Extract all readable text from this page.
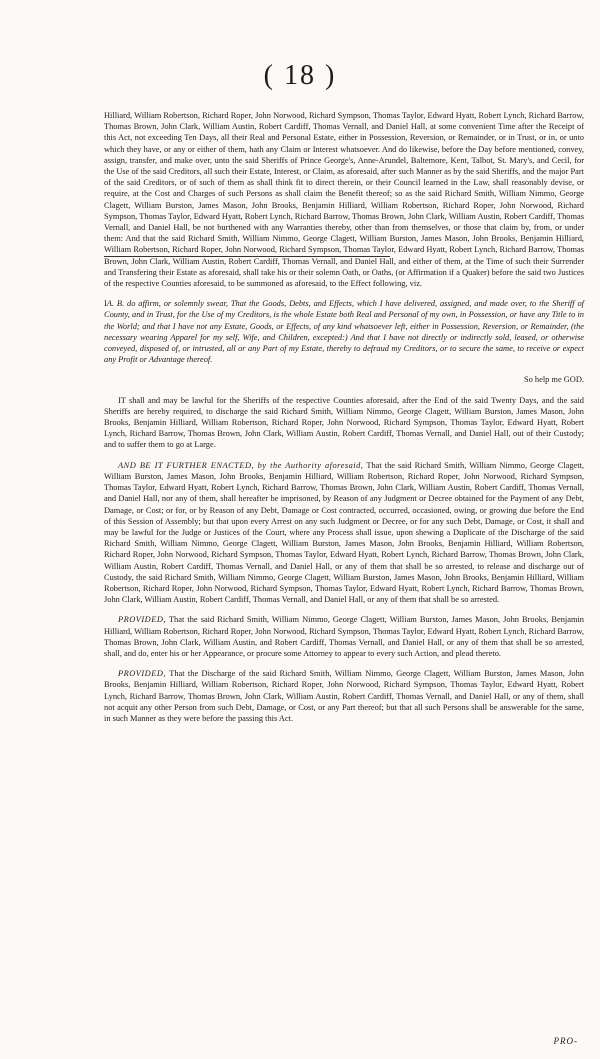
( 18 )

Hilliard, William Robertson, Richard Roper, John Norwood, Richard Sympson, Thomas Taylor, Edward Hyatt, Robert Lynch, Richard Barrow, Thomas Brown, John Clark, William Austin, Robert Cardiff, Thomas Vernall, and Daniel Hall, at some convenient Time after the Receipt of this Act, not exceeding Ten Days, all their Real and Personal Estate, either in Possession, Reversion, or Remainder, or in Trust, or in, or unto which they have, or any or either of them, hath any Claim or Interest whatsoever. And do likewise, before the Day before mentioned, convey, assign, transfer, and make over, unto the said Sheriffs of Prince George's, Anne-Arundel, Baltemore, Kent, Talbot, St. Mary's, and Cecil, for the Use of the said Creditors, all such their Estate, Interest, or Claim, as aforesaid, after such Manner as by the said Sheriffs, and the major Part of the said Creditors, or of such of them as shall think fit to direct therein, or their Council learned in the Law, shall reasonably devise, or require, at the Cost and Charges of such Persons as shall claim the Benefit thereof; so as the said Richard Smith, William Nimmo, George Clagett, William Burston, James Mason, John Brooks, Benjamin Hilliard, William Robertson, Richard Roper, John Norwood, Richard Sympson, Thomas Taylor, Edward Hyatt, Robert Lynch, Richard Barrow, Thomas Brown, John Clark, William Austin, Robert Cardiff, Thomas Vernall, and Daniel Hall, be not burthened with any Warranties thereby, other than from themselves, or those that claim by, from, or under them: And that the said Richard Smith, William Nimmo, George Clagett, William Burston, James Mason, John Brooks, Benjamin Hilliard, William Robertson, Richard Roper, John Norwood, Richard Sympson, Thomas Taylor, Edward Hyatt, Robert Lynch, Richard Barrow, Thomas Brown, John Clark, William Austin, Robert Cardiff, Thomas Vernall, and Daniel Hall, and either of them, at the Time of such their Surrender and Transfering their Estate as aforesaid, shall take his or their solemn Oath, or Oaths, (or Affirmation if a Quaker) before the said two Justices of the respective Counties aforesaid, to be summoned as aforesaid, to the Effect following, viz.

IA. B. do affirm, or solemnly swear, That the Goods, Debts, and Effects, which I have delivered, assigned, and made over, to the Sheriff of County, and in Trust, for the Use of my Creditors, is the whole Estate both Real and Personal of my own, in Possession, or have any Title to in the World; and that I have not any Estate, Goods, or Effects, of any kind whatsoever left, either in Possession, Reversion, or Remainder, (the necessary wearing Apparel for my self, Wife, and Children, excepted:) And that I have not directly or indirectly sold, leased, or otherwise conveyed, disposed of, or intrusted, all or any Part of my Estate, thereby to defraud my Creditors, or to secure the same, to receive or expect any Profit or Advantage thereof.

So help me GOD.

IT shall and may be lawful for the Sheriffs of the respective Counties aforesaid, after the End of the said Twenty Days, and the said Sheriffs are hereby required, to discharge the said Richard Smith, William Nimmo, George Clagett, William Burston, James Mason, John Brooks, Benjamin Hilliard, William Robertson, Richard Roper, John Norwood, Richard Sympson, Thomas Taylor, Edward Hyatt, Robert Lynch, Richard Barrow, Thomas Brown, John Clark, William Austin, Robert Cardiff, Thomas Vernall, and Daniel Hall, out of their Custody; and to suffer them to go at Large.

AND BE IT FURTHER ENACTED, by the Authority aforesaid, That the said Richard Smith, William Nimmo, George Clagett, William Burston, James Mason, John Brooks, Benjamin Hilliard, William Robertson, Richard Roper, John Norwood, Richard Sympson, Thomas Taylor, Edward Hyatt, Robert Lynch, Richard Barrow, Thomas Brown, John Clark, William Austin, Robert Cardiff, Thomas Vernall, and Daniel Hall, nor any of them, shall hereafter be imprisoned, by Reason of any Judgment or Decree obtained for the Payment of any Debt, Damage, or Cost; or for, or by Reason of any Debt, Damage or Cost contracted, occurred, occasioned, owing, or growing due before the End of this Session of Assembly; but that upon every Arrest on any such Judgment or Decree, or for any such Debt, Damage, or Cost, it shall and may be lawful for the Judge or Justices of the Court, where any Process shall issue, upon shewing a Duplicate of the Discharge of the said Richard Smith, William Nimmo, George Clagett, William Burston, James Mason, John Brooks, Benjamin Hilliard, William Robertson, Richard Roper, John Norwood, Richard Sympson, Thomas Taylor, Edward Hyatt, Robert Lynch, Richard Barrow, Thomas Brown, John Clark, William Austin, Robert Cardiff, Thomas Vernall, and Daniel Hall, or any of them that shall be so arrested, to release and discharge out of Custody, the said Richard Smith, William Nimmo, George Clagett, William Burston, James Mason, John Brooks, Benjamin Hilliard, William Robertson, Richard Roper, John Norwood, Richard Sympson, Thomas Taylor, Edward Hyatt, Robert Lynch, Richard Barrow, Thomas Brown, John Clark, William Austin, Robert Cardiff, Thomas Vernall, and Daniel Hall, or any of them that shall be so arrested.

PROVIDED, That the said Richard Smith, William Nimmo, George Clagett, William Burston, James Mason, John Brooks, Benjamin Hilliard, William Robertson, Richard Roper, John Norwood, Richard Sympson, Thomas Taylor, Edward Hyatt, Robert Lynch, Richard Barrow, Thomas Brown, John Clark, William Austin, and Robert Cardiff, Thomas Vernall, and Daniel Hall, or any of them that shall be so arrested, shall, and do, enter his or her Appearance, or procure some Attorney to appear to every such Action, and plead thereto.

PROVIDED, That the Discharge of the said Richard Smith, William Nimmo, George Clagett, William Burston, James Mason, John Brooks, Benjamin Hilliard, William Robertson, Richard Roper, John Norwood, Richard Sympson, Thomas Taylor, Edward Hyatt, Robert Lynch, Richard Barrow, Thomas Brown, John Clark, William Austin, Robert Cardiff, Thomas Vernall, and Daniel Hall, or any of them, shall not acquit any other Person from such Debt, Damage, or Cost, or any Part thereof; but that all such Persons shall be answerable for the same, in such Manner as they were before the passing this Act.

PRO-
